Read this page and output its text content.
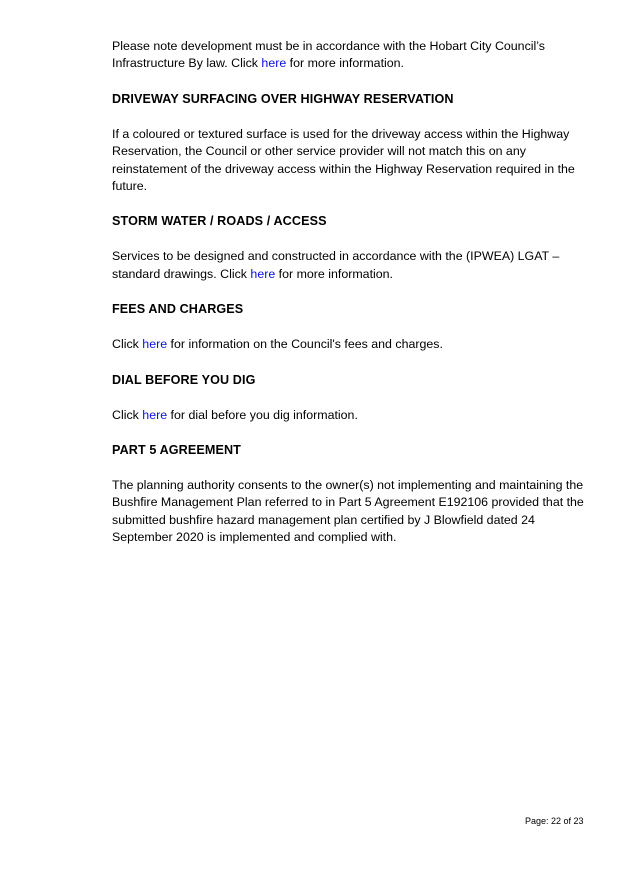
Please note development must be in accordance with the Hobart City Council’s Infrastructure By law. Click here for more information.

DRIVEWAY SURFACING OVER HIGHWAY RESERVATION

If a coloured or textured surface is used for the driveway access within the Highway Reservation, the Council or other service provider will not match this on any reinstatement of the driveway access within the Highway Reservation required in the future.

STORM WATER / ROADS / ACCESS

Services to be designed and constructed in accordance with the (IPWEA) LGAT – standard drawings. Click here for more information.

FEES AND CHARGES

Click here for information on the Council's fees and charges.

DIAL BEFORE YOU DIG

Click here for dial before you dig information.

PART 5 AGREEMENT

The planning authority consents to the owner(s) not implementing and maintaining the Bushfire Management Plan referred to in Part 5 Agreement E192106 provided that the submitted bushfire hazard management plan certified by J Blowfield dated 24 September 2020 is implemented and complied with.

Page: 22 of 23
